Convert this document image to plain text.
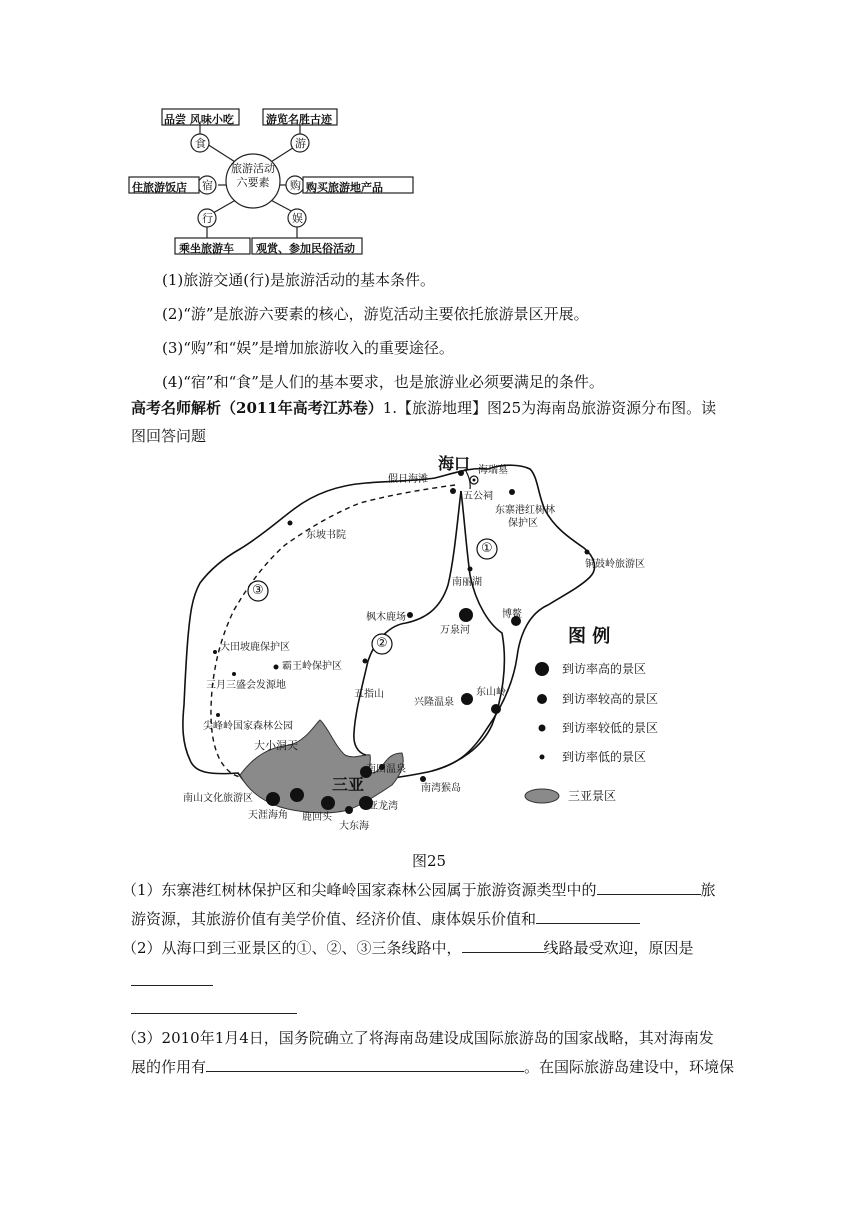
旅游活动
六要素
食	游
宿	购
行	娱
品尝 风味小吃	游览名胜古迹
住旅游饭店	购买旅游地产品
乘坐旅游车 观赏、参加民俗活动
(1)旅游交通(行)是旅游活动的基本条件。
(2)“游”是旅游六要素的核心，游览活动主要依托旅游景区开展。
(3)“购”和“娱”是增加旅游收入的重要途径。
(4)“宿”和“食”是人们的基本要求，也是旅游业必须要满足的条件。
高考名师解析（2011年高考江苏卷）1.【旅游地理】图25为海南岛旅游资源分布图。读
图回答问题
海口
假日海滩
海瑞墓
五公祠
东寨港红树林
保护区
东坡书院
铜鼓岭旅游区
南丽湖
枫木鹿场
万泉河
博鳌
大田坡鹿保护区
霸王岭保护区
三月三盛会发源地
五指山
兴隆温泉
东山岭
尖峰岭国家森林公园
大小洞天
南田温泉
三亚	南湾猴岛
南山文化旅游区
天涯海角 鹿回头
亚龙湾
大东海
①
②
③
图 例
到访率高的景区
到访率较高的景区
到访率较低的景区
到访率低的景区
三亚景区
图25
（1）东寨港红树林保护区和尖峰岭国家森林公园属于旅游资源类型中的	旅
游资源，其旅游价值有美学价值、经济价值、康体娱乐价值和
（2）从海口到三亚景区的①、②、③三条线路中，	线路最受欢迎，原因是
（3）2010年1月4日，国务院确立了将海南岛建设成国际旅游岛的国家战略，其对海南发
展的作用有	。在国际旅游岛建设中，环境保
